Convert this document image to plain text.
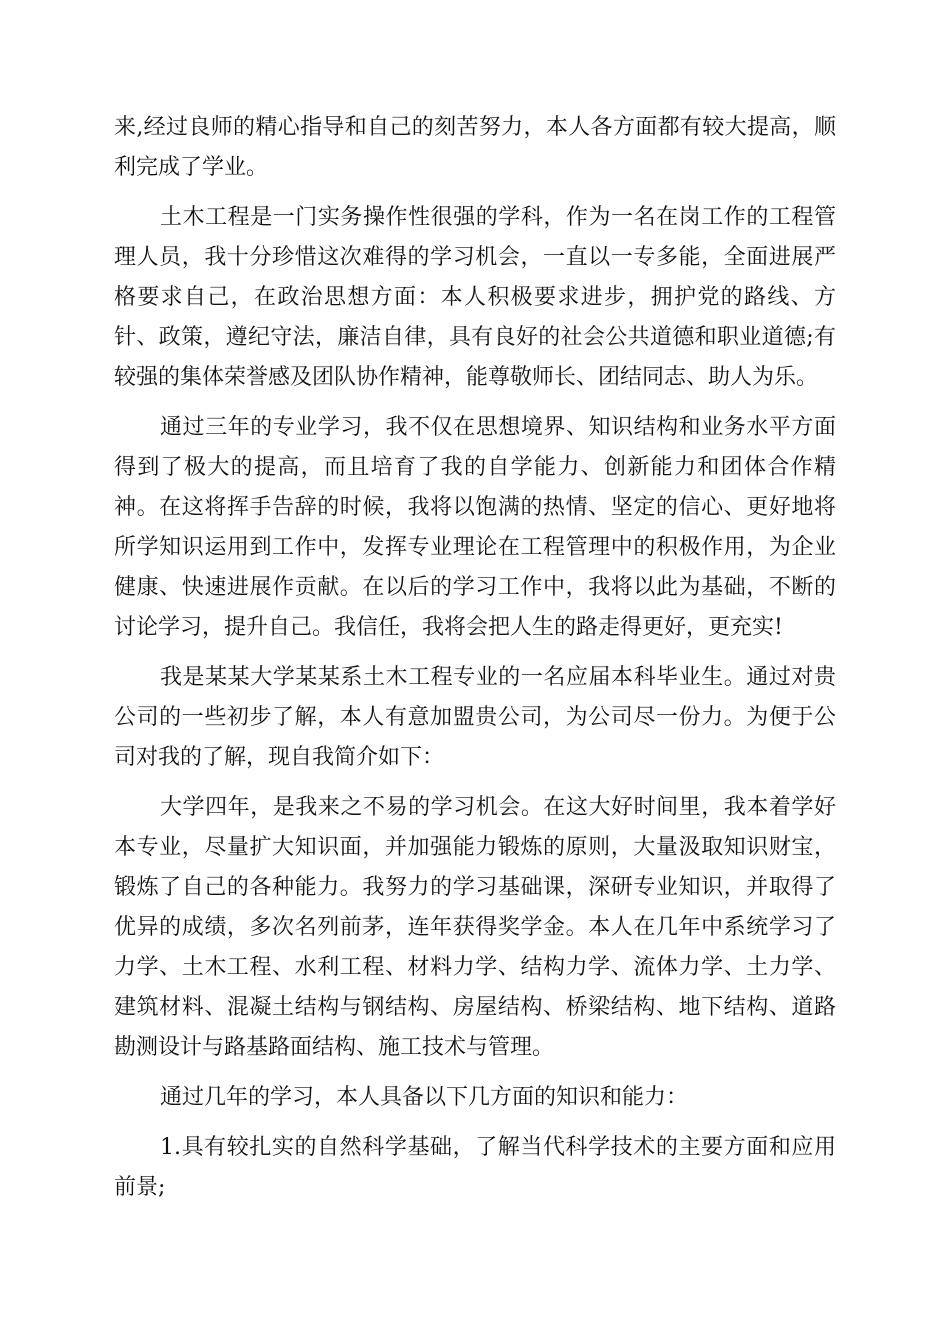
来,经过良师的精心指导和自己的刻苦努力，本人各方面都有较大提高，顺利完成了学业。

土木工程是一门实务操作性很强的学科，作为一名在岗工作的工程管理人员，我十分珍惜这次难得的学习机会，一直以一专多能，全面进展严格要求自己，在政治思想方面：本人积极要求进步，拥护党的路线、方针、政策，遵纪守法，廉洁自律，具有良好的社会公共道德和职业道德;有较强的集体荣誉感及团队协作精神，能尊敬师长、团结同志、助人为乐。

通过三年的专业学习，我不仅在思想境界、知识结构和业务水平方面得到了极大的提高，而且培育了我的自学能力、创新能力和团体合作精神。在这将挥手告辞的时候，我将以饱满的热情、坚定的信心、更好地将所学知识运用到工作中，发挥专业理论在工程管理中的积极作用，为企业健康、快速进展作贡献。在以后的学习工作中，我将以此为基础，不断的讨论学习，提升自己。我信任，我将会把人生的路走得更好，更充实!

我是某某大学某某系土木工程专业的一名应届本科毕业生。通过对贵公司的一些初步了解，本人有意加盟贵公司，为公司尽一份力。为便于公司对我的了解，现自我简介如下：

大学四年，是我来之不易的学习机会。在这大好时间里，我本着学好本专业，尽量扩大知识面，并加强能力锻炼的原则，大量汲取知识财宝，锻炼了自己的各种能力。我努力的学习基础课，深研专业知识，并取得了优异的成绩，多次名列前茅，连年获得奖学金。本人在几年中系统学习了力学、土木工程、水利工程、材料力学、结构力学、流体力学、土力学、建筑材料、混凝土结构与钢结构、房屋结构、桥梁结构、地下结构、道路勘测设计与路基路面结构、施工技术与管理。

通过几年的学习，本人具备以下几方面的知识和能力：

1.具有较扎实的自然科学基础，了解当代科学技术的主要方面和应用前景;
